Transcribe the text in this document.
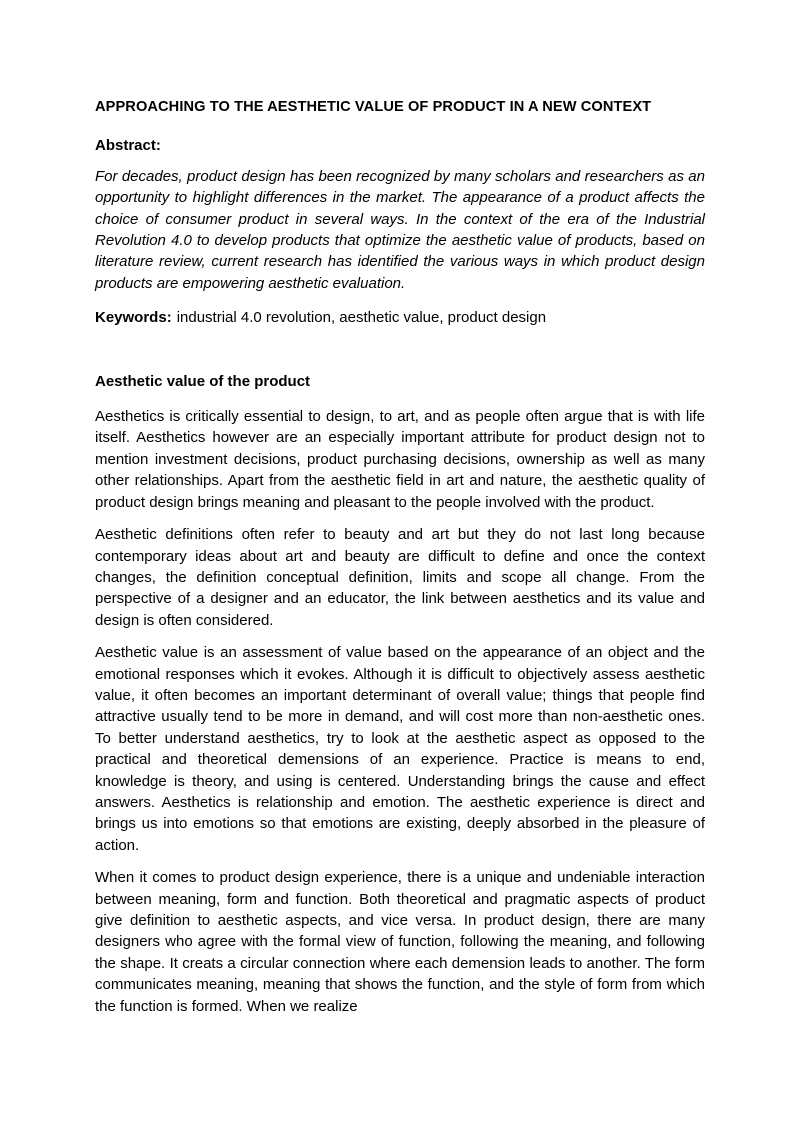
APPROACHING TO THE AESTHETIC VALUE OF PRODUCT IN A NEW CONTEXT
Abstract:

For decades, product design has been recognized by many scholars and researchers as an opportunity to highlight differences in the market. The appearance of a product affects the choice of consumer product in several ways. In the context of the era of the Industrial Revolution 4.0 to develop products that optimize the aesthetic value of products, based on literature review, current research has identified the various ways in which product design products are empowering aesthetic evaluation.

Keywords: industrial 4.0 revolution, aesthetic value, product design

Aesthetic value of the product

Aesthetics is critically essential to design, to art, and as people often argue that is with life itself. Aesthetics however are an especially important attribute for product design not to mention investment decisions, product purchasing decisions, ownership as well as many other relationships. Apart from the aesthetic field in art and nature, the aesthetic quality of product design brings meaning and pleasant to the people involved with the product.

Aesthetic definitions often refer to beauty and art but they do not last long because contemporary ideas about art and beauty are difficult to define and once the context changes, the definition conceptual definition, limits and scope all change. From the perspective of a designer and an educator, the link between aesthetics and its value and design is often considered.

Aesthetic value is an assessment of value based on the appearance of an object and the emotional responses which it evokes. Although it is difficult to objectively assess aesthetic value, it often becomes an important determinant of overall value; things that people find attractive usually tend to be more in demand, and will cost more than non-aesthetic ones. To better understand aesthetics, try to look at the aesthetic aspect as opposed to the practical and theoretical demensions of an experience. Practice is means to end, knowledge is theory, and using is centered. Understanding brings the cause and effect answers. Aesthetics is relationship and emotion. The aesthetic experience is direct and brings us into emotions so that emotions are existing, deeply absorbed in the pleasure of action.

When it comes to product design experience, there is a unique and undeniable interaction between meaning, form and function. Both theoretical and pragmatic aspects of product give definition to aesthetic aspects, and vice versa. In product design, there are many designers who agree with the formal view of function, following the meaning, and following the shape. It creats a circular connection where each demension leads to another. The form communicates meaning, meaning that shows the function, and the style of form from which the function is formed. When we realize
